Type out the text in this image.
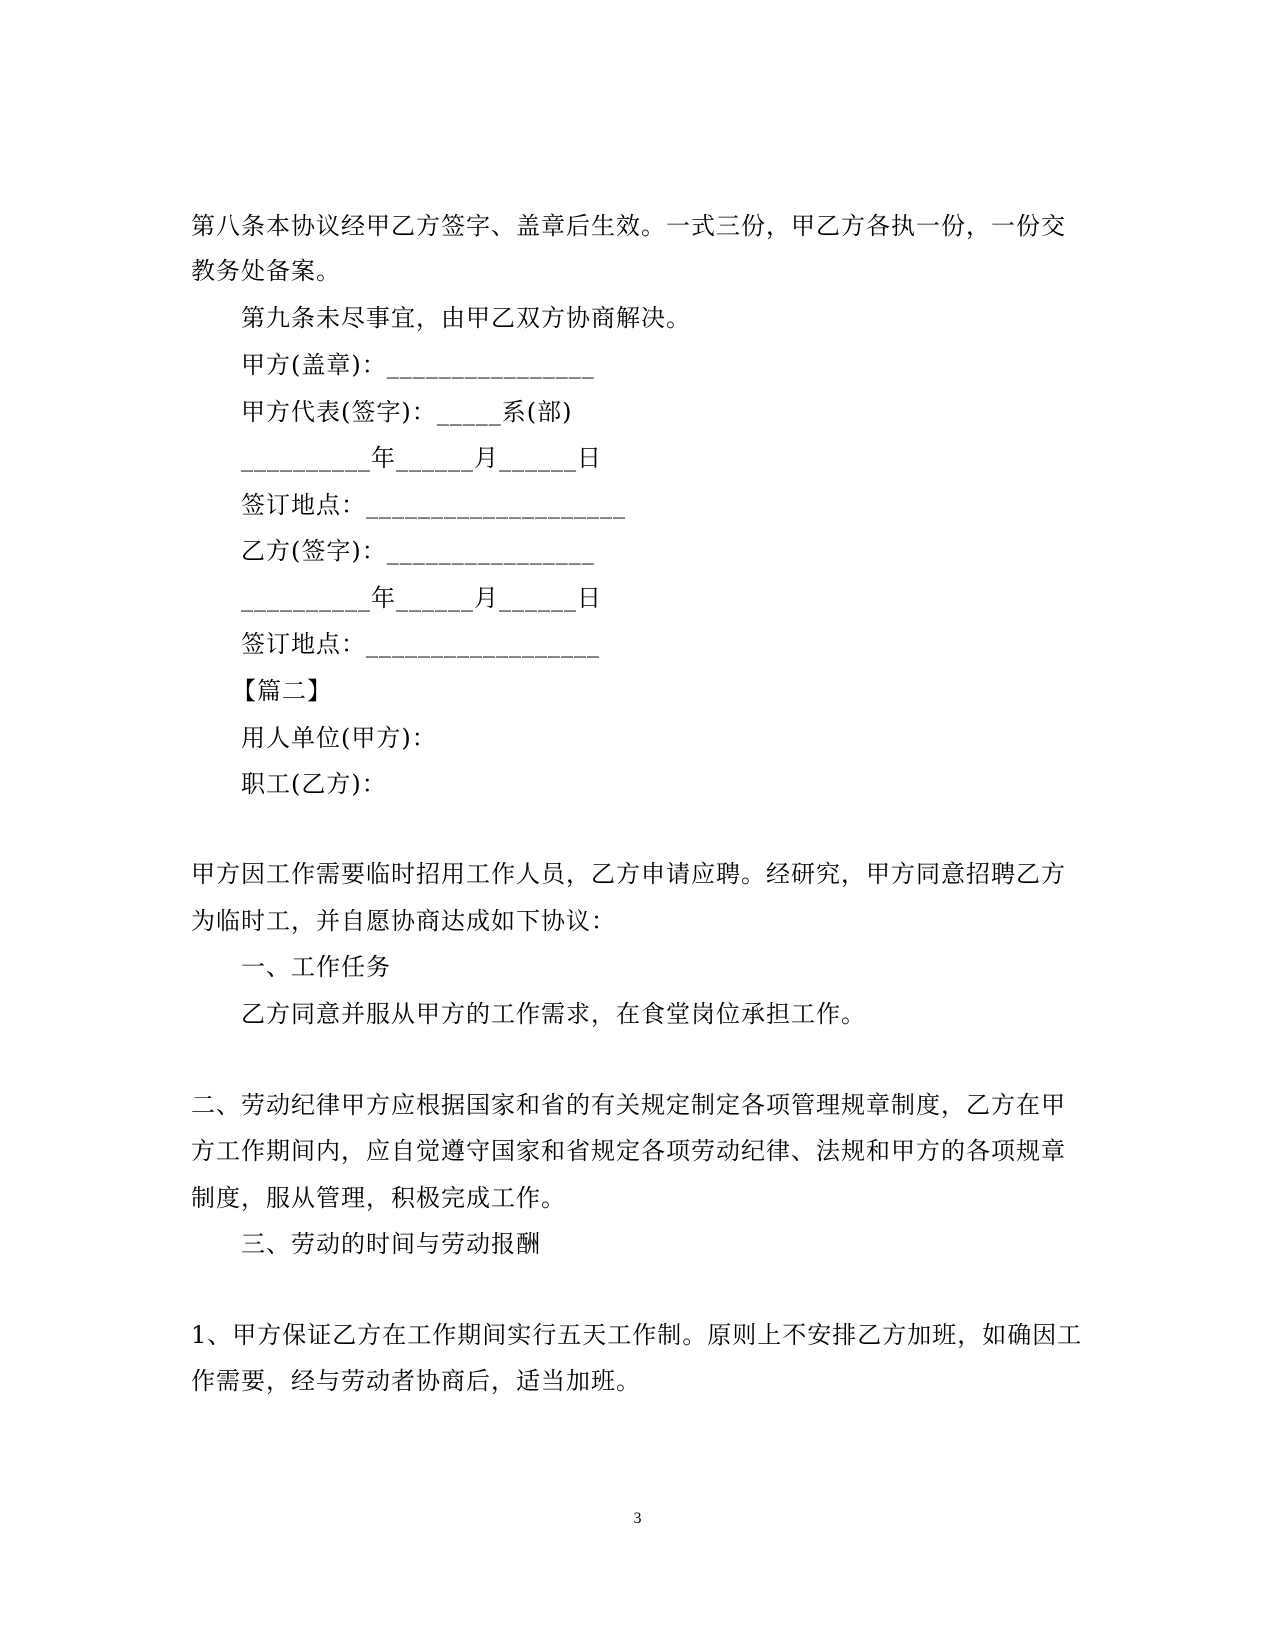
第八条本协议经甲乙方签字、盖章后生效。一式三份，甲乙方各执一份，一份交
教务处备案。
第九条未尽事宜，由甲乙双方协商解决。
甲方(盖章)：________________
甲方代表(签字)：_____系(部)
__________年______月______日
签订地点：____________________
乙方(签字)：________________
__________年______月______日
签订地点：__________________
【篇二】
用人单位(甲方)：
职工(乙方)：
甲方因工作需要临时招用工作人员，乙方申请应聘。经研究，甲方同意招聘乙方
为临时工，并自愿协商达成如下协议：
一、工作任务
乙方同意并服从甲方的工作需求，在食堂岗位承担工作。
二、劳动纪律甲方应根据国家和省的有关规定制定各项管理规章制度，乙方在甲
方工作期间内，应自觉遵守国家和省规定各项劳动纪律、法规和甲方的各项规章
制度，服从管理，积极完成工作。
三、劳动的时间与劳动报酬
1、甲方保证乙方在工作期间实行五天工作制。原则上不安排乙方加班，如确因工
作需要，经与劳动者协商后，适当加班。
3
